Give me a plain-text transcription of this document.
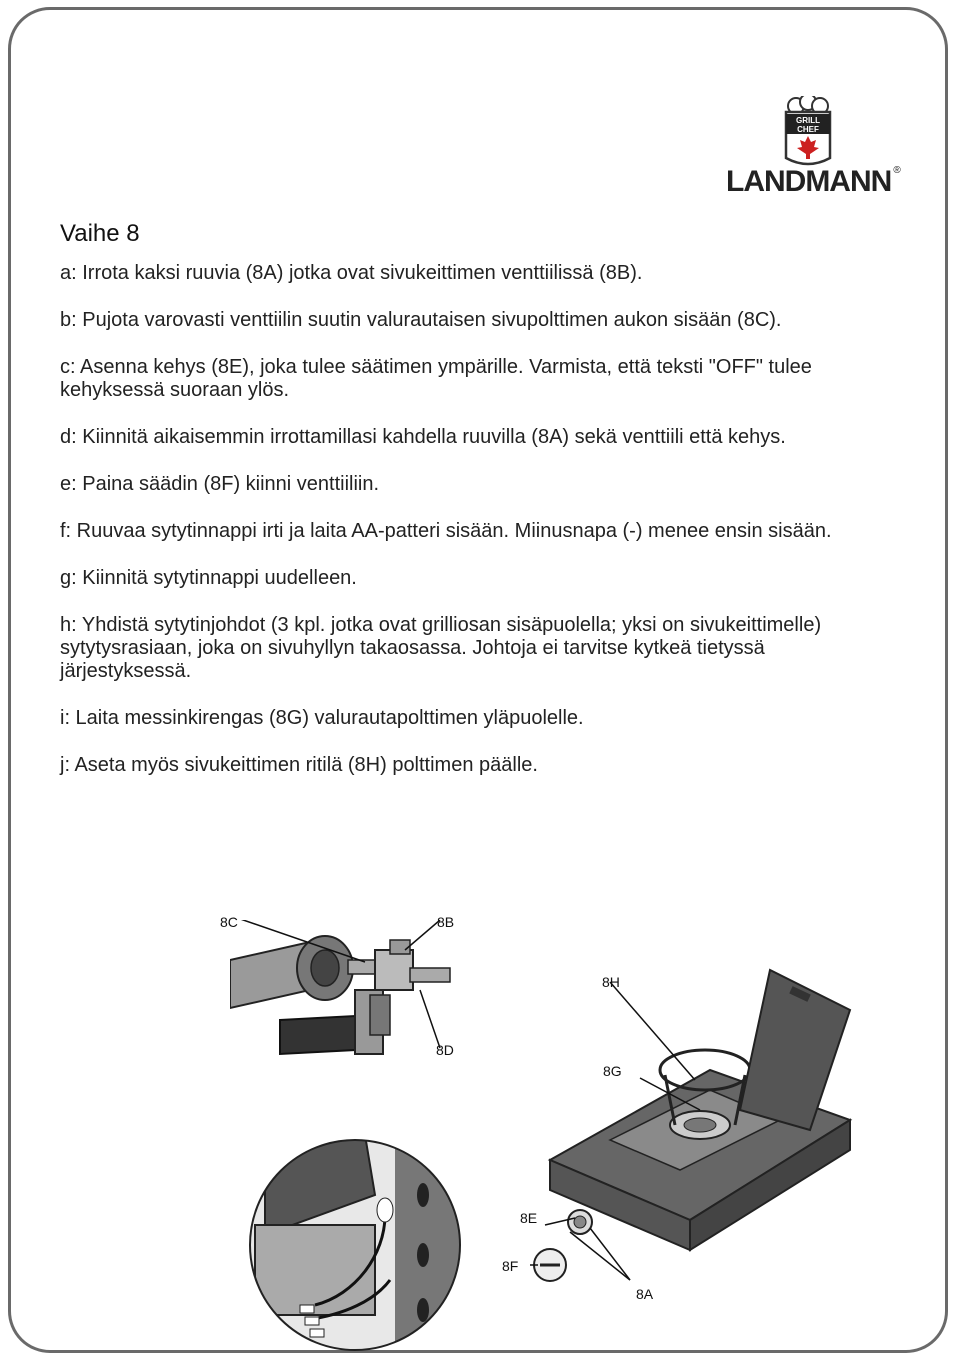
GRILL
CHEF
LANDMANN ®
Vaihe 8
a: Irrota kaksi ruuvia (8A) jotka ovat sivukeittimen venttiilissä (8B).
b: Pujota varovasti venttiilin suutin valurautaisen sivupolttimen aukon sisään (8C).
c: Asenna kehys (8E), joka tulee säätimen ympärille. Varmista, että teksti "OFF" tulee kehyksessä suoraan ylös.
d: Kiinnitä aikaisemmin irrottamillasi kahdella ruuvilla (8A) sekä venttiili että kehys.
e: Paina säädin (8F) kiinni venttiiliin.
f: Ruuvaa sytytinnappi irti ja laita AA-patteri sisään. Miinusnapa (-) menee ensin sisään.
g: Kiinnitä sytytinnappi uudelleen.
h: Yhdistä sytytinjohdot (3 kpl. jotka ovat grilliosan sisäpuolella; yksi on sivukeittimelle) sytytysrasiaan, joka on sivuhyllyn takaosassa. Johtoja ei tarvitse kytkeä tietyssä järjestyksessä.
i: Laita messinkirengas (8G) valurautapolttimen yläpuolelle.
j: Aseta myös sivukeittimen ritilä (8H) polttimen päälle.
8C	8B
8D
8H
8G
8E
8F
8A
